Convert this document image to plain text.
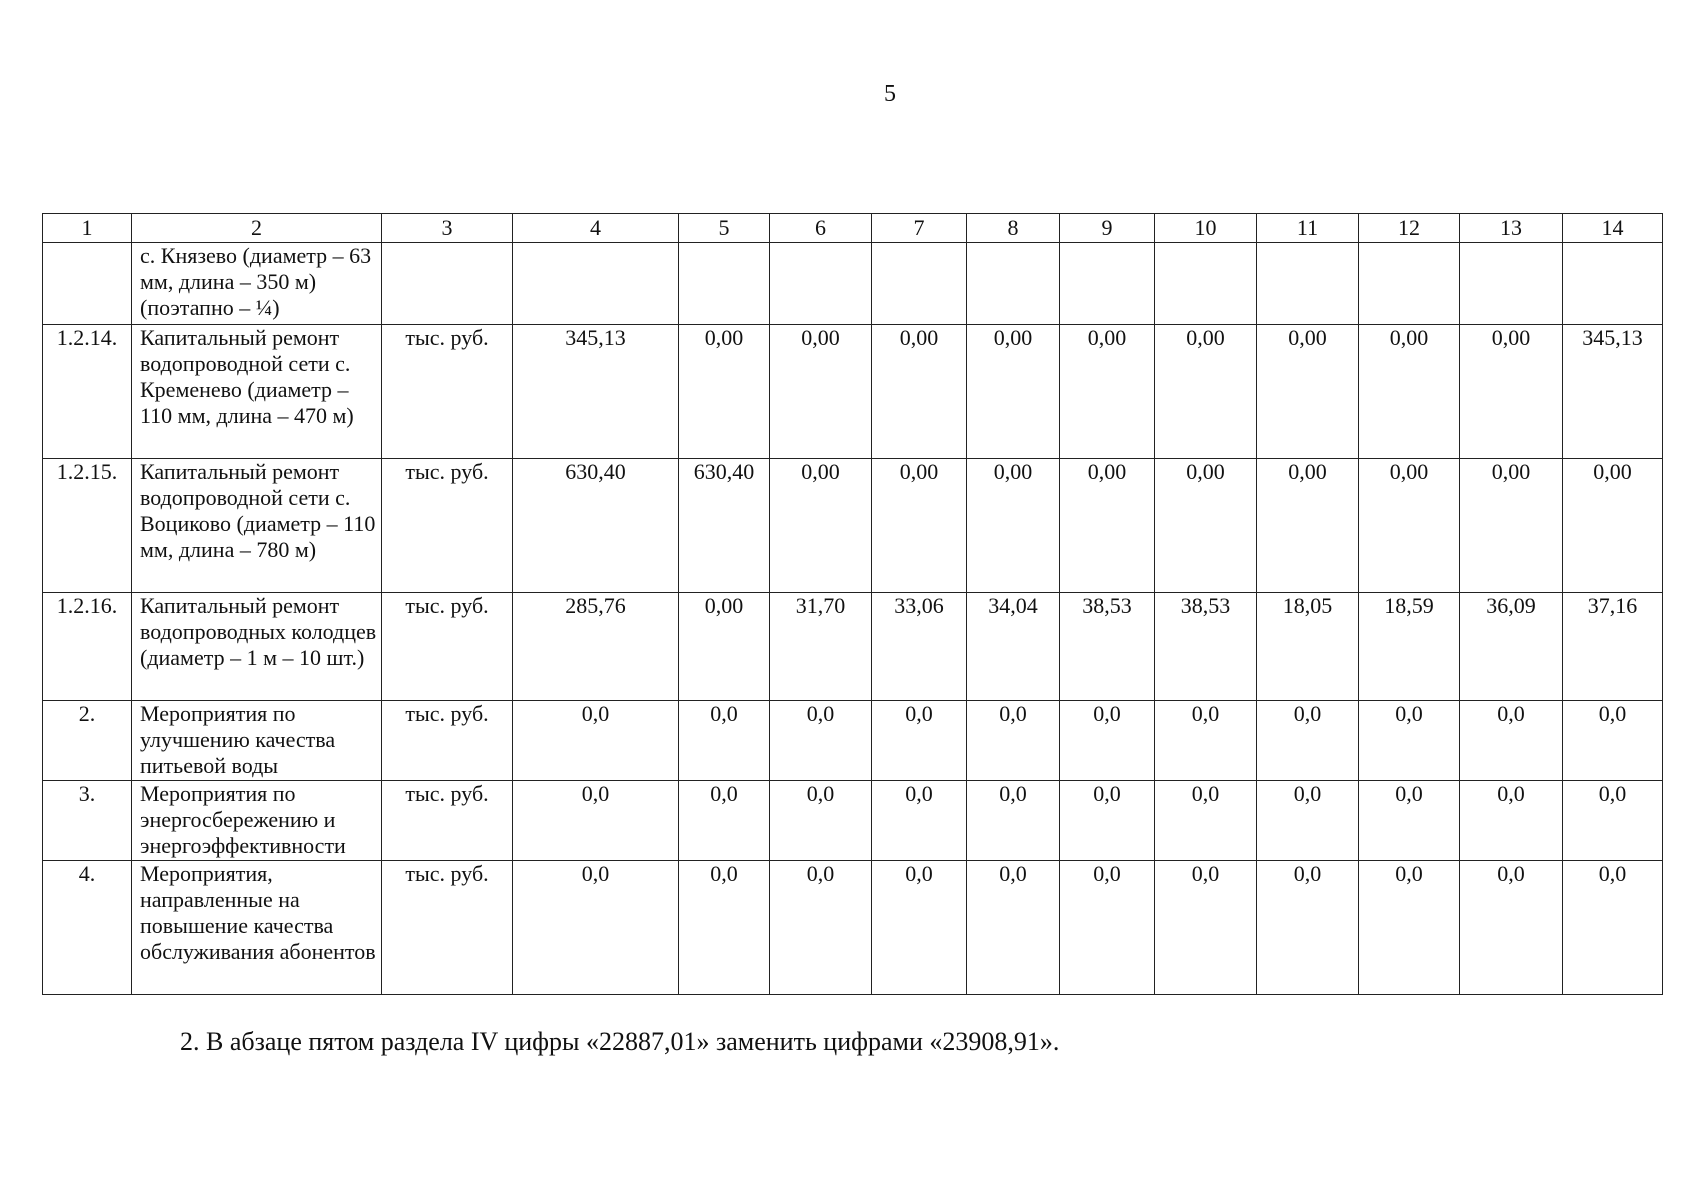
5
1	2	3	4	5	6	7	8	9	10	11	12	13	14
	с. Князево (диаметр – 63 мм, длина – 350 м) (поэтапно – ¼)												
1.2.14.	Капитальный ремонт водопроводной сети с. Кременево (диаметр – 110 мм, длина – 470 м)	тыс. руб.	345,13	0,00	0,00	0,00	0,00	0,00	0,00	0,00	0,00	0,00	345,13
1.2.15.	Капитальный ремонт водопроводной сети с. Воциково (диаметр – 110 мм, длина – 780 м)	тыс. руб.	630,40	630,40	0,00	0,00	0,00	0,00	0,00	0,00	0,00	0,00	0,00
1.2.16.	Капитальный ремонт водопроводных колодцев (диаметр – 1 м – 10 шт.)	тыс. руб.	285,76	0,00	31,70	33,06	34,04	38,53	38,53	18,05	18,59	36,09	37,16
2.	Мероприятия по улучшению качества питьевой воды	тыс. руб.	0,0	0,0	0,0	0,0	0,0	0,0	0,0	0,0	0,0	0,0	0,0
3.	Мероприятия по энергосбережению и энергоэффективности	тыс. руб.	0,0	0,0	0,0	0,0	0,0	0,0	0,0	0,0	0,0	0,0	0,0
4.	Мероприятия, направленные на повышение качества обслуживания абонентов	тыс. руб.	0,0	0,0	0,0	0,0	0,0	0,0	0,0	0,0	0,0	0,0	0,0
2. В абзаце пятом раздела IV цифры «22887,01» заменить цифрами «23908,91».
